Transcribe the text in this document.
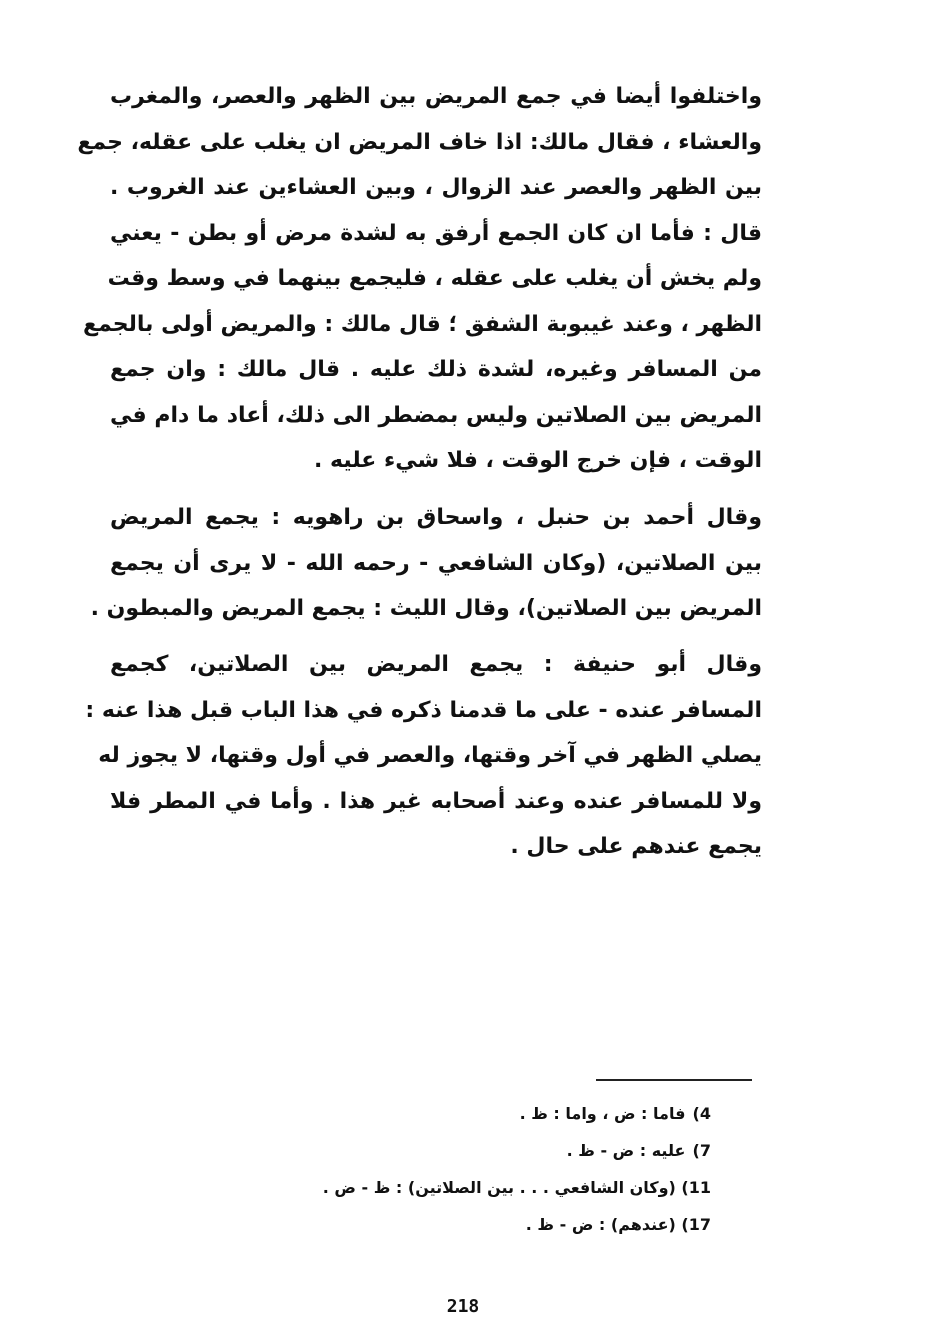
واختلفوا أيضا في جمع المريض بين الظهر والعصر، والمغرب
والعشاء ، فقال مالك: اذا خاف المريض ان يغلب على عقله، جمع
بين الظهر والعصر عند الزوال ، وبين العشاءين عند الغروب .
قال : فأما ان كان الجمع أرفق به لشدة مرض أو بطن - يعني
ولم يخش أن يغلب على عقله ، فليجمع بينهما في وسط وقت
الظهر ، وعند غيبوبة الشفق ؛ قال مالك : والمريض أولى بالجمع
من المسافر وغيره، لشدة ذلك عليه . قال مالك : وان جمع
المريض بين الصلاتين وليس بمضطر الى ذلك، أعاد ما دام في
الوقت ، فإن خرج الوقت ، فلا شيء عليه .
وقال أحمد بن حنبل ، واسحاق بن راهويه : يجمع المريض
بين الصلاتين، (وكان الشافعي - رحمه الله - لا يرى أن يجمع
المريض بين الصلاتين)، وقال الليث : يجمع المريض والمبطون .
وقال أبو حنيفة : يجمع المريض بين الصلاتين، كجمع
المسافر عنده - على ما قدمنا ذكره في هذا الباب قبل هذا عنه :
يصلي الظهر في آخر وقتها، والعصر في أول وقتها، لا يجوز له
ولا للمسافر عنده وعند أصحابه غير هذا . وأما في المطر فلا
يجمع عندهم على حال .
4) فاما : ض ، واما : ظ .
7) عليه : ض - ظ .
11) (وكان الشافعي . . . بين الصلاتين) : ظ - ض .
17) (عندهم) : ض - ظ .
218
